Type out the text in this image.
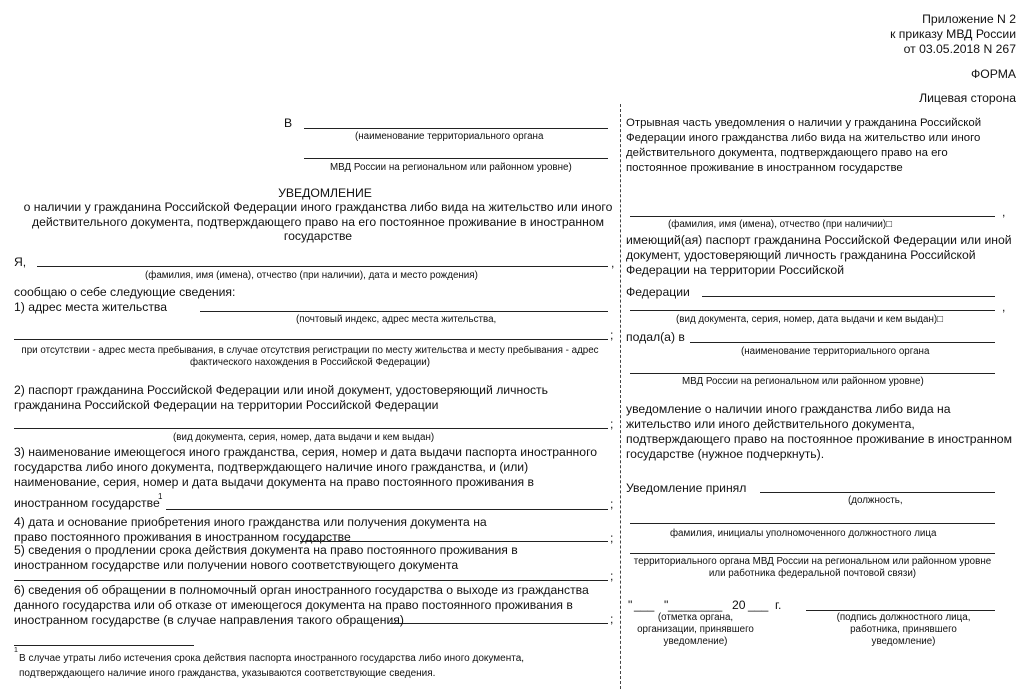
Приложение N 2
к приказу МВД России
от 03.05.2018 N 267
ФОРМА
Лицевая сторона
В
(наименование территориального органа
МВД России на региональном или районном уровне)
УВЕДОМЛЕНИЕ
о наличии у гражданина Российской Федерации иного гражданства либо вида на жительство или иного действительного документа, подтверждающего право на его постоянное проживание в иностранном государстве
Я,	,
(фамилия, имя (имена), отчество (при наличии), дата и место рождения)
сообщаю о себе следующие сведения:
1) адрес места жительства
(почтовый индекс, адрес места жительства,
;
при отсутствии - адрес места пребывания, в случае отсутствия регистрации по месту жительства и месту пребывания - адрес фактического нахождения в Российской Федерации)
2) паспорт гражданина Российской Федерации или иной документ, удостоверяющий личность гражданина Российской Федерации на территории Российской Федерации
;
(вид документа, серия, номер, дата выдачи и кем выдан)
3) наименование имеющегося иного гражданства, серия, номер и дата выдачи паспорта иностранного государства либо иного документа, подтверждающего наличие иного гражданства, и (или) наименование, серия, номер и дата выдачи документа на право постоянного проживания в
иностранном государстве
1
;
4) дата и основание приобретения иного гражданства или получения документа на право постоянного проживания в иностранном государстве	;
5) сведения о продлении срока действия документа на право постоянного проживания в иностранном государстве или получении нового соответствующего документа
;
6) сведения об обращении в полномочный орган иностранного государства о выходе из гражданства данного государства или об отказе от имеющегося документа на право постоянного проживания в иностранном государстве (в случае направления такого обращения)	;
1
В случае утраты либо истечения срока действия паспорта иностранного государства либо иного документа, подтверждающего наличие иного гражданства, указываются соответствующие сведения.
Отрывная часть уведомления о наличии у гражданина Российской Федерации иного гражданства либо вида на жительство или иного действительного документа, подтверждающего право на его постоянное проживание в иностранном государстве
,
(фамилия, имя (имена), отчество (при наличии)□
имеющий(ая) паспорт гражданина Российской Федерации или иной документ, удостоверяющий личность гражданина Российской Федерации на территории Российской
Федерации
,
(вид документа, серия, номер, дата выдачи и кем выдан)□
подал(а) в
(наименование территориального органа
МВД России на региональном или районном уровне)
уведомление о наличии иного гражданства либо вида на жительство или иного действительного документа, подтверждающего право на постоянное проживание в иностранном государстве (нужное подчеркнуть).
Уведомление принял
(должность,
фамилия, инициалы уполномоченного должностного лица
территориального органа МВД России на региональном или районном уровне или работника федеральной почтовой связи)
" ___ " ________ 20 ___ г.
(отметка органа, организации, принявшего уведомление)
(подпись должностного лица, работника, принявшего уведомление)
